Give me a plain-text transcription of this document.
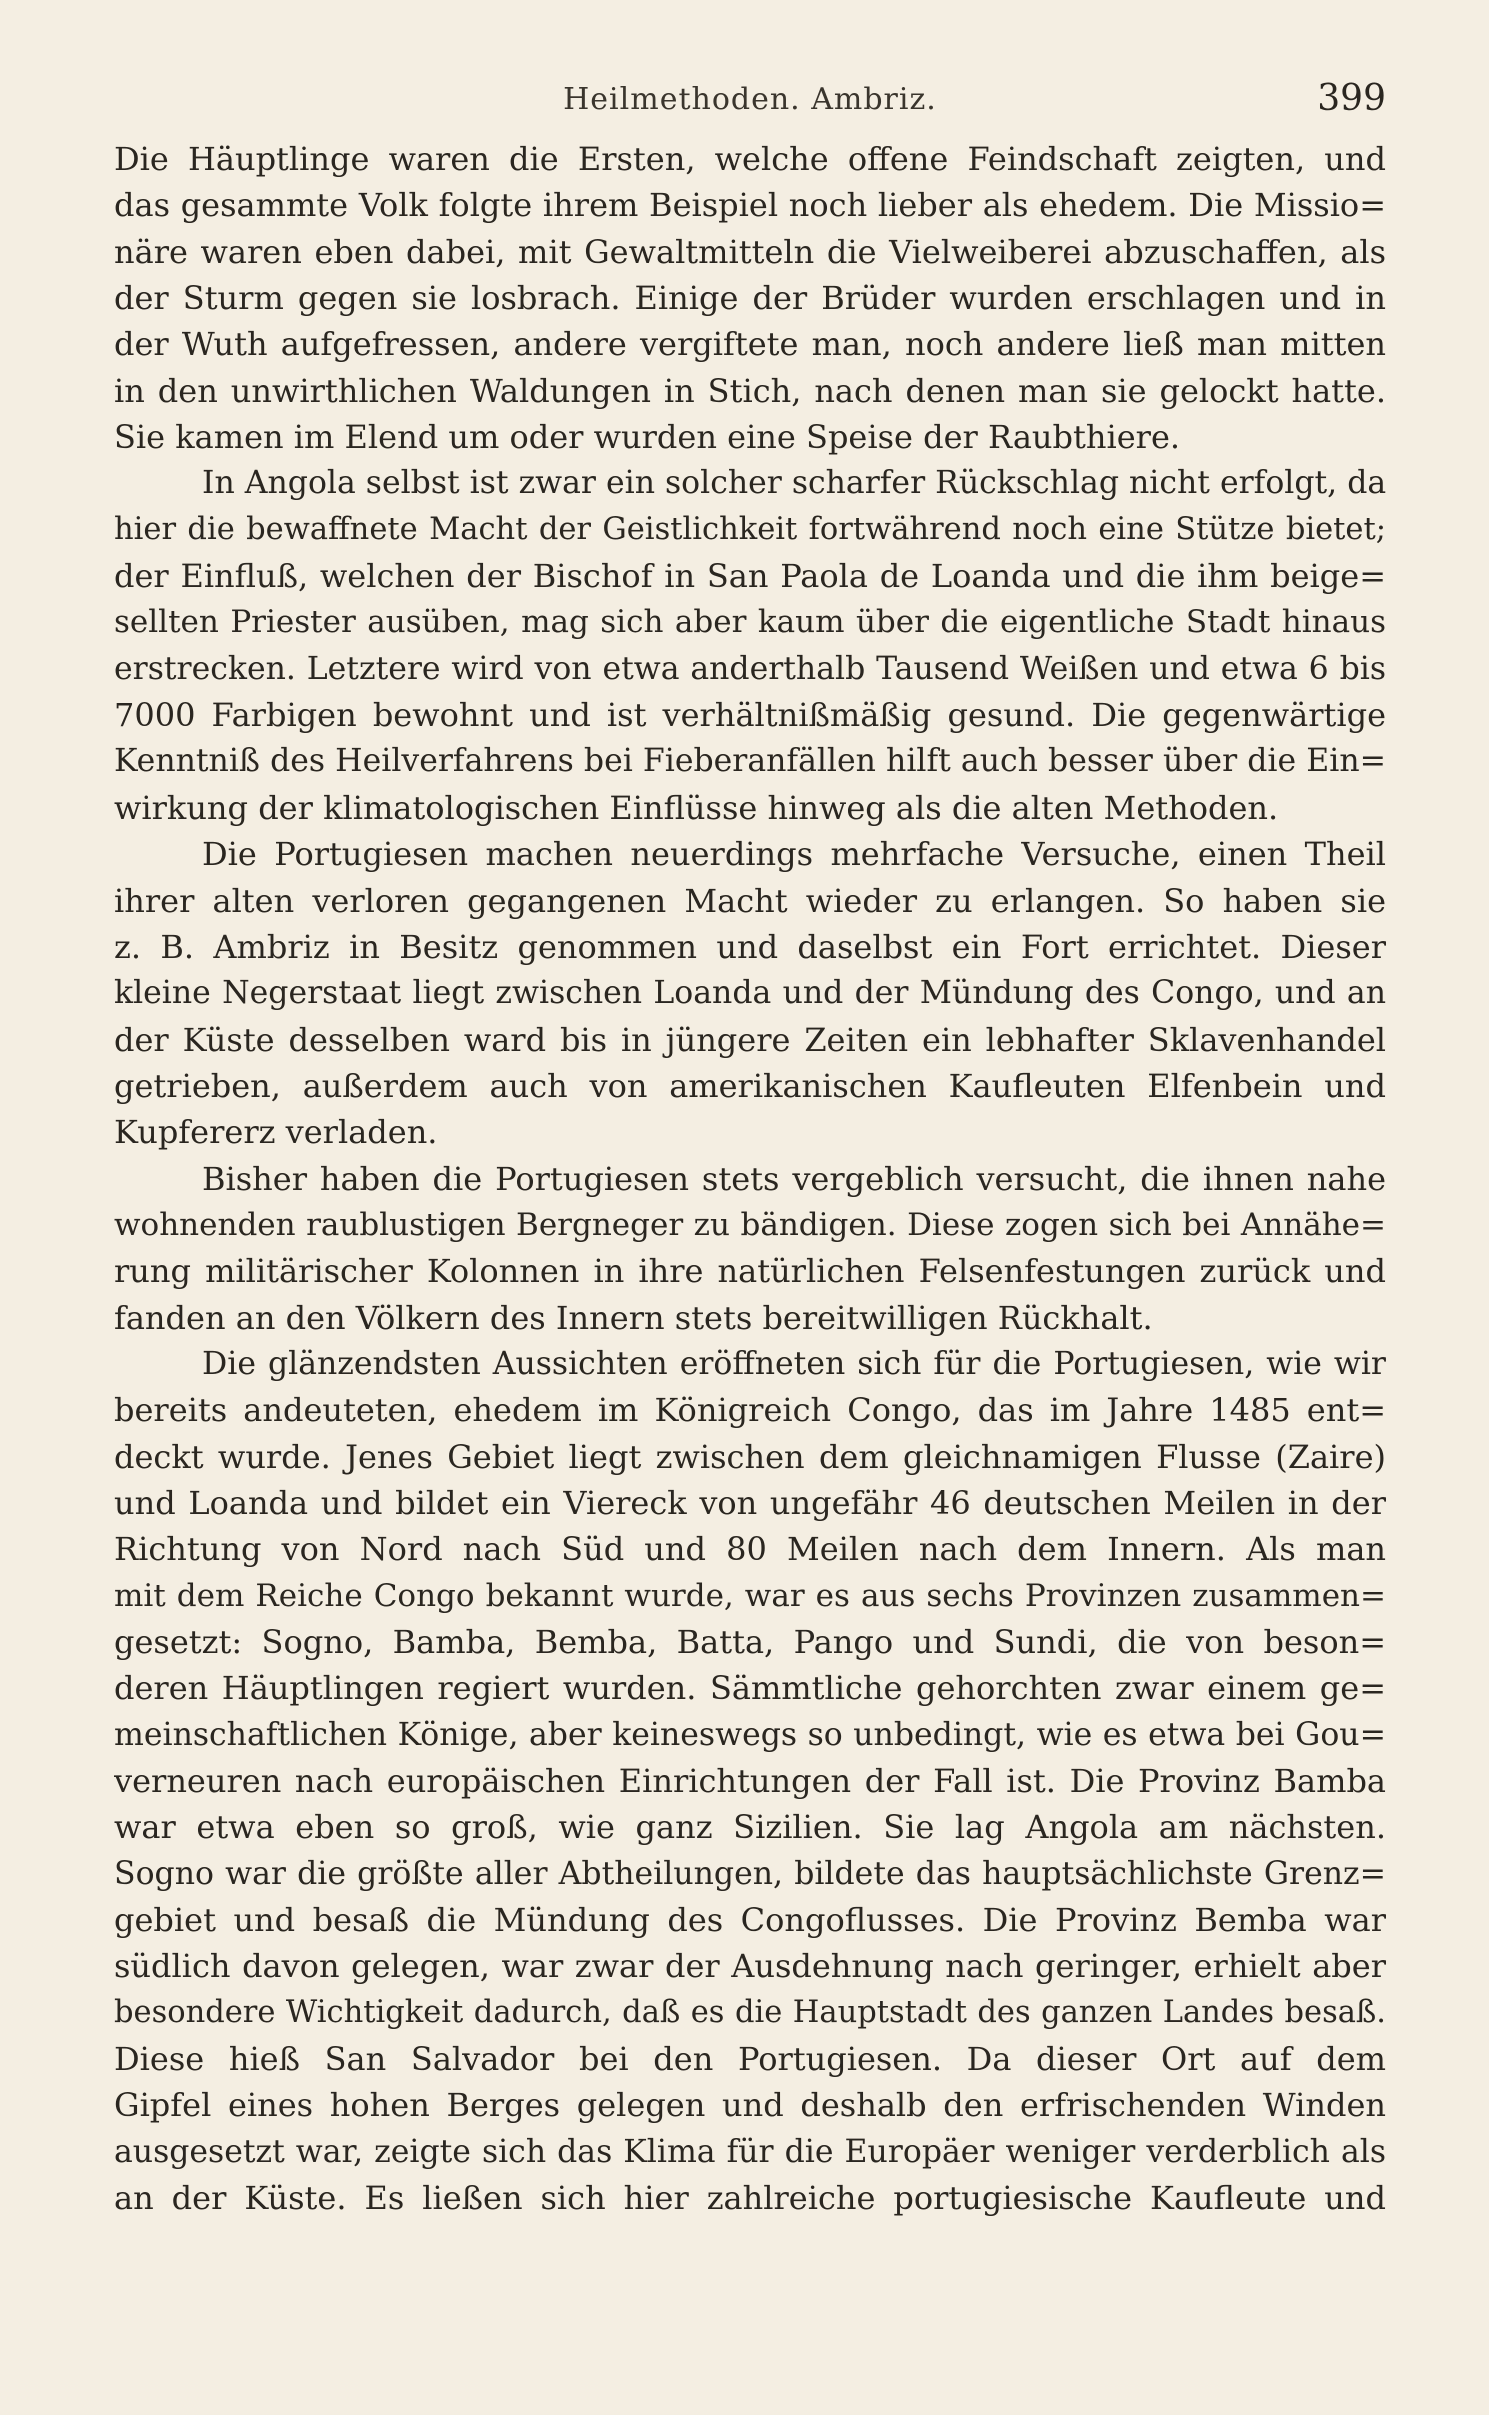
Heilmethoden. Ambriz.	399
Die Häuptlinge waren die Ersten, welche offene Feindschaft zeigten, und
das gesammte Volk folgte ihrem Beispiel noch lieber als ehedem. Die Missio=
näre waren eben dabei, mit Gewaltmitteln die Vielweiberei abzuschaffen, als
der Sturm gegen sie losbrach. Einige der Brüder wurden erschlagen und in
der Wuth aufgefressen, andere vergiftete man, noch andere ließ man mitten
in den unwirthlichen Waldungen in Stich, nach denen man sie gelockt hatte.
Sie kamen im Elend um oder wurden eine Speise der Raubthiere.
In Angola selbst ist zwar ein solcher scharfer Rückschlag nicht erfolgt, da
hier die bewaffnete Macht der Geistlichkeit fortwährend noch eine Stütze bietet;
der Einfluß, welchen der Bischof in San Paola de Loanda und die ihm beige=
sellten Priester ausüben, mag sich aber kaum über die eigentliche Stadt hinaus
erstrecken. Letztere wird von etwa anderthalb Tausend Weißen und etwa 6 bis
7000 Farbigen bewohnt und ist verhältnißmäßig gesund. Die gegenwärtige
Kenntniß des Heilverfahrens bei Fieberanfällen hilft auch besser über die Ein=
wirkung der klimatologischen Einflüsse hinweg als die alten Methoden.
Die Portugiesen machen neuerdings mehrfache Versuche, einen Theil
ihrer alten verloren gegangenen Macht wieder zu erlangen. So haben sie
z. B. Ambriz in Besitz genommen und daselbst ein Fort errichtet. Dieser
kleine Negerstaat liegt zwischen Loanda und der Mündung des Congo, und an
der Küste desselben ward bis in jüngere Zeiten ein lebhafter Sklavenhandel
getrieben, außerdem auch von amerikanischen Kaufleuten Elfenbein und
Kupfererz verladen.
Bisher haben die Portugiesen stets vergeblich versucht, die ihnen nahe
wohnenden raublustigen Bergneger zu bändigen. Diese zogen sich bei Annähe=
rung militärischer Kolonnen in ihre natürlichen Felsenfestungen zurück und
fanden an den Völkern des Innern stets bereitwilligen Rückhalt.
Die glänzendsten Aussichten eröffneten sich für die Portugiesen, wie wir
bereits andeuteten, ehedem im Königreich Congo, das im Jahre 1485 ent=
deckt wurde. Jenes Gebiet liegt zwischen dem gleichnamigen Flusse (Zaire)
und Loanda und bildet ein Viereck von ungefähr 46 deutschen Meilen in der
Richtung von Nord nach Süd und 80 Meilen nach dem Innern. Als man
mit dem Reiche Congo bekannt wurde, war es aus sechs Provinzen zusammen=
gesetzt: Sogno, Bamba, Bemba, Batta, Pango und Sundi, die von beson=
deren Häuptlingen regiert wurden. Sämmtliche gehorchten zwar einem ge=
meinschaftlichen Könige, aber keineswegs so unbedingt, wie es etwa bei Gou=
verneuren nach europäischen Einrichtungen der Fall ist. Die Provinz Bamba
war etwa eben so groß, wie ganz Sizilien. Sie lag Angola am nächsten.
Sogno war die größte aller Abtheilungen, bildete das hauptsächlichste Grenz=
gebiet und besaß die Mündung des Congoflusses. Die Provinz Bemba war
südlich davon gelegen, war zwar der Ausdehnung nach geringer, erhielt aber
besondere Wichtigkeit dadurch, daß es die Hauptstadt des ganzen Landes besaß.
Diese hieß San Salvador bei den Portugiesen. Da dieser Ort auf dem
Gipfel eines hohen Berges gelegen und deshalb den erfrischenden Winden
ausgesetzt war, zeigte sich das Klima für die Europäer weniger verderblich als
an der Küste. Es ließen sich hier zahlreiche portugiesische Kaufleute und
